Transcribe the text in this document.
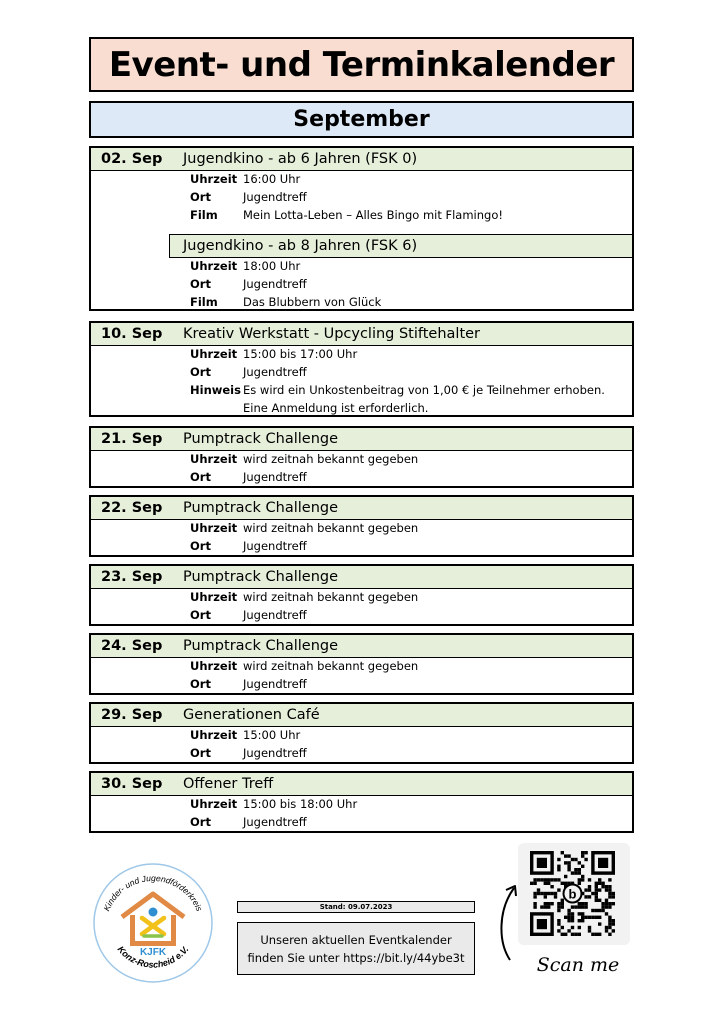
Event- und Terminkalender
September
02. Sep Jugendkino - ab 6 Jahren (FSK 0)
Uhrzeit 16:00 Uhr
Ort	Jugendtreff
Film Mein Lotta-Leben – Alles Bingo mit Flamingo!
Jugendkino - ab 8 Jahren (FSK 6)
Uhrzeit 18:00 Uhr
Ort	Jugendtreff
Film Das Blubbern von Glück
10. Sep Kreativ Werkstatt - Upcycling Stiftehalter
Uhrzeit 15:00 bis 17:00 Uhr
Ort	Jugendtreff
Hinweis Es wird ein Unkostenbeitrag von 1,00 € je Teilnehmer erhoben.
Eine Anmeldung ist erforderlich.
21. Sep Pumptrack Challenge
Uhrzeit wird zeitnah bekannt gegeben
Ort	Jugendtreff
22. Sep Pumptrack Challenge
Uhrzeit wird zeitnah bekannt gegeben
Ort	Jugendtreff
23. Sep Pumptrack Challenge
Uhrzeit wird zeitnah bekannt gegeben
Ort	Jugendtreff
24. Sep Pumptrack Challenge
Uhrzeit wird zeitnah bekannt gegeben
Ort	Jugendtreff
29. Sep Generationen Café
Uhrzeit 15:00 Uhr
Ort	Jugendtreff
30. Sep Offener Treff
Uhrzeit 15:00 bis 18:00 Uhr
Ort	Jugendtreff
Kinder- und Jugendförderkreis
Konz-Roscheid e.V.
KJFK
Stand: 09.07.2023
Unseren aktuellen Eventkalender
finden Sie unter https://bit.ly/44ybe3t
b
Scan me
